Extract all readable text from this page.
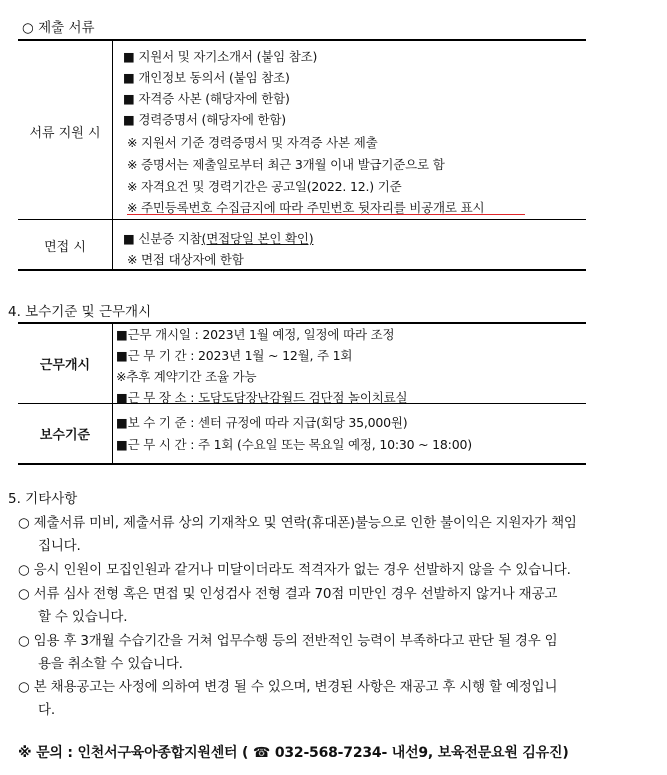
○ 제출 서류
서류 지원 시
면접 시
■ 지원서 및 자기소개서 (붙임 참조)
■ 개인정보 동의서 (붙임 참조)
■ 자격증 사본 (해당자에 한함)
■ 경력증명서 (해당자에 한함)
※ 지원서 기준 경력증명서 및 자격증 사본 제출
※ 증명서는 제출일로부터 최근 3개월 이내 발급기준으로 함
※ 자격요건 및 경력기간은 공고일(2022. 12.) 기준
※ 주민등록번호 수집금지에 따라 주민번호 뒷자리를 비공개로 표시
■ 신분증 지참(면접당일 본인 확인)
※ 면접 대상자에 한함
4. 보수기준 및 근무개시
근무개시
보수기준
■근무 개시일 : 2023년 1월 예정, 일정에 따라 조정
■근 무 기 간 : 2023년 1월 ~ 12월, 주 1회
※추후 계약기간 조율 가능
■근 무 장 소 : 도담도담장난감월드 검단점 놀이치료실
■보 수 기 준 : 센터 규정에 따라 지급(회당 35,000원)
■근 무 시 간 : 주 1회 (수요일 또는 목요일 예정, 10:30 ~ 18:00)
5. 기타사항
○ 제출서류 미비, 제출서류 상의 기재착오 및 연락(휴대폰)불능으로 인한 불이익은 지원자가 책임
집니다.
○ 응시 인원이 모집인원과 같거나 미달이더라도 적격자가 없는 경우 선발하지 않을 수 있습니다.
○ 서류 심사 전형 혹은 면접 및 인성검사 전형 결과 70점 미만인 경우 선발하지 않거나 재공고
할 수 있습니다.
○ 임용 후 3개월 수습기간을 거쳐 업무수행 등의 전반적인 능력이 부족하다고 판단 될 경우 임
용을 취소할 수 있습니다.
○ 본 채용공고는 사정에 의하여 변경 될 수 있으며, 변경된 사항은 재공고 후 시행 할 예정입니
다.
※ 문의 : 인천서구육아종합지원센터 ( ☎ 032-568-7234- 내선9, 보육전문요원 김유진)
